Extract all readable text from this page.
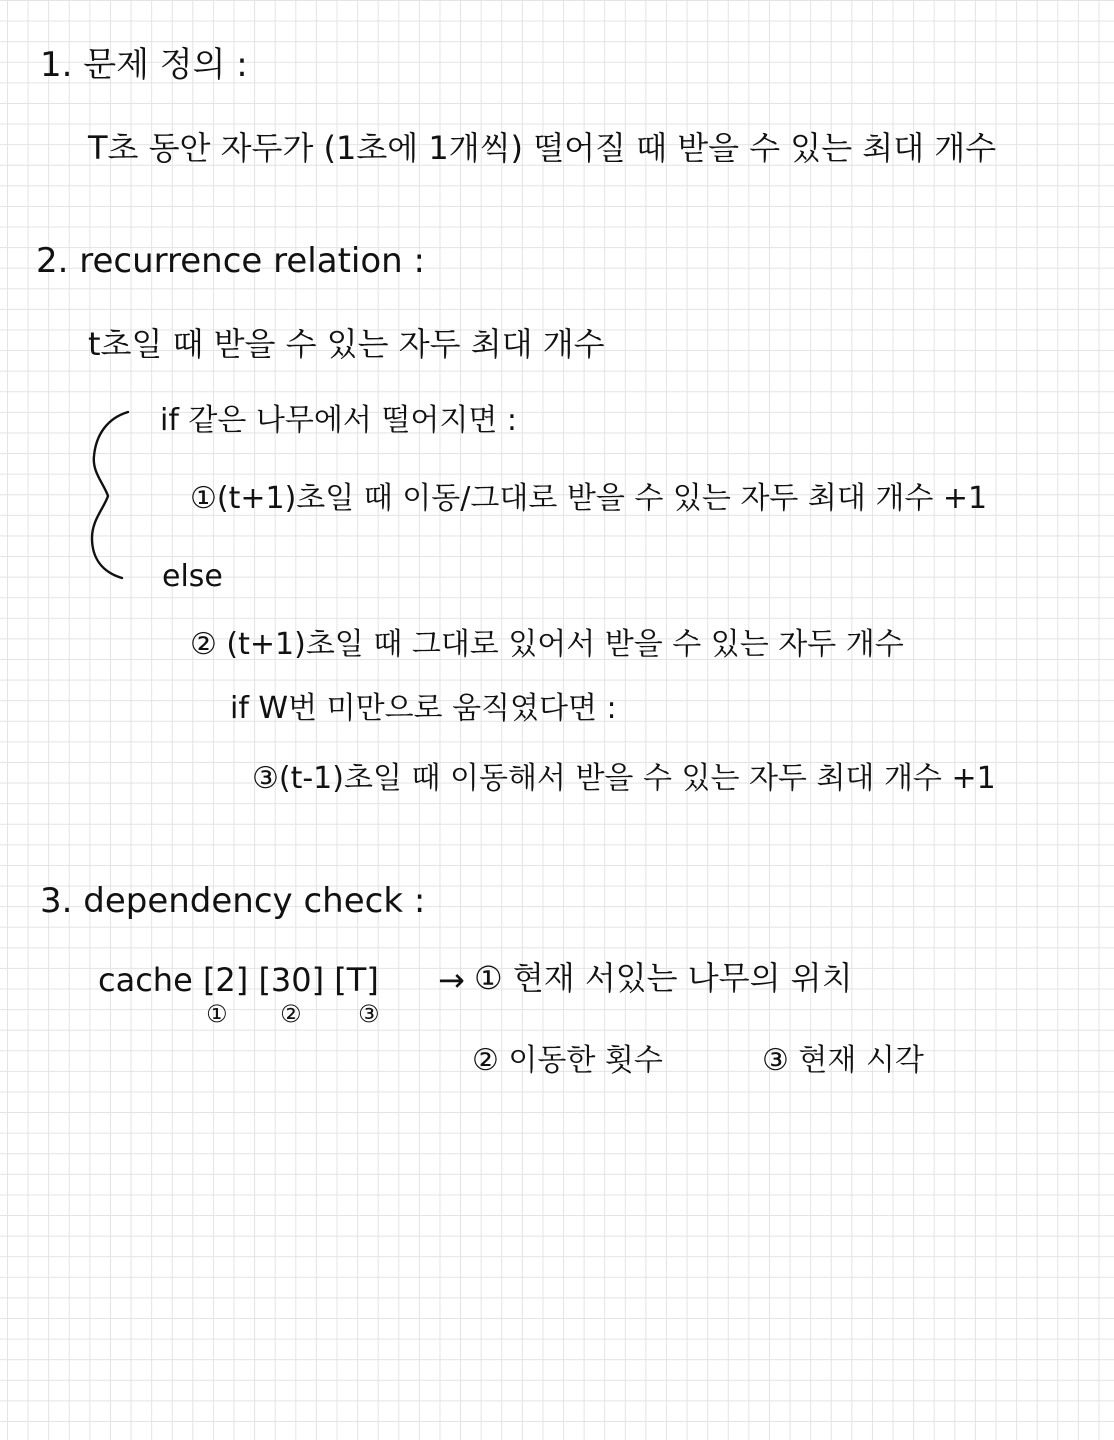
1. 문제 정의 :
T초 동안 자두가 (1초에 1개씩) 떨어질 때 받을 수 있는 최대 개수
2. recurrence relation :
t초일 때 받을 수 있는 자두 최대 개수
if 같은 나무에서 떨어지면 :
①(t+1)초일 때 이동/그대로 받을 수 있는 자두 최대 개수 +1
else
② (t+1)초일 때 그대로 있어서 받을 수 있는 자두 개수
if W번 미만으로 움직였다면 :
③(t-1)초일 때 이동해서 받을 수 있는 자두 최대 개수 +1
3. dependency check :
cache [2] [30] [T]
① ② ③
→ ① 현재 서있는 나무의 위치
② 이동한 횟수	③ 현재 시각
